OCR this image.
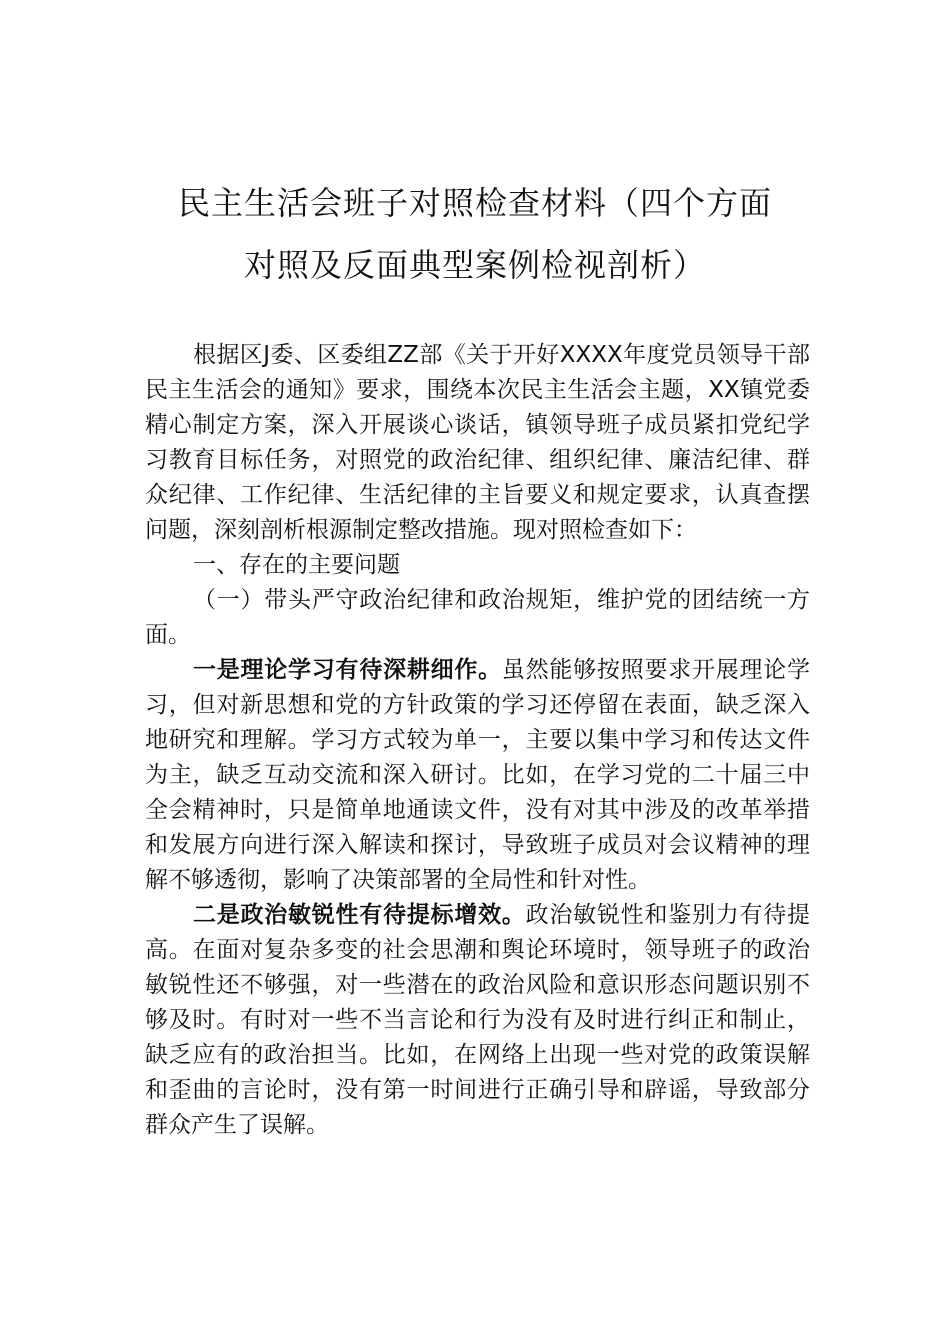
民主生活会班子对照检查材料（四个方面
对照及反面典型案例检视剖析）

根据区J委、区委组ZZ部《关于开好XXXX年度党员领导干部民主生活会的通知》要求，围绕本次民主生活会主题，XX镇党委精心制定方案，深入开展谈心谈话，镇领导班子成员紧扣党纪学习教育目标任务，对照党的政治纪律、组织纪律、廉洁纪律、群众纪律、工作纪律、生活纪律的主旨要义和规定要求，认真查摆问题，深刻剖析根源制定整改措施。现对照检查如下：

一、存在的主要问题

（一）带头严守政治纪律和政治规矩，维护党的团结统一方面。

一是理论学习有待深耕细作。虽然能够按照要求开展理论学习，但对新思想和党的方针政策的学习还停留在表面，缺乏深入地研究和理解。学习方式较为单一，主要以集中学习和传达文件为主，缺乏互动交流和深入研讨。比如，在学习党的二十届三中全会精神时，只是简单地通读文件，没有对其中涉及的改革举措和发展方向进行深入解读和探讨，导致班子成员对会议精神的理解不够透彻，影响了决策部署的全局性和针对性。

二是政治敏锐性有待提标增效。政治敏锐性和鉴别力有待提高。在面对复杂多变的社会思潮和舆论环境时，领导班子的政治敏锐性还不够强，对一些潜在的政治风险和意识形态问题识别不够及时。有时对一些不当言论和行为没有及时进行纠正和制止，缺乏应有的政治担当。比如，在网络上出现一些对党的政策误解和歪曲的言论时，没有第一时间进行正确引导和辟谣，导致部分群众产生了误解。
